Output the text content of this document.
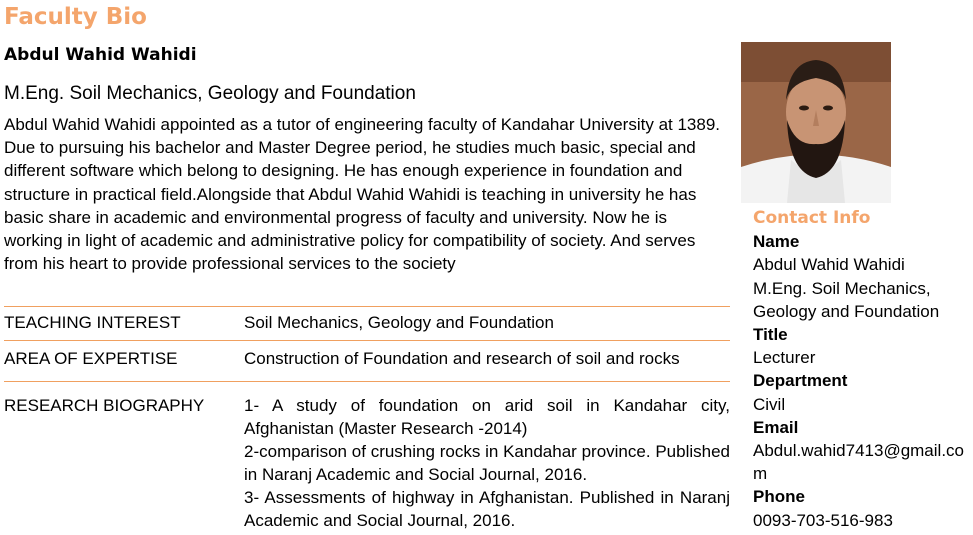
Faculty Bio
Abdul Wahid Wahidi
M.Eng. Soil Mechanics, Geology and Foundation
Abdul Wahid Wahidi appointed as a tutor of engineering faculty of Kandahar University at 1389. Due to pursuing his bachelor and Master Degree period, he studies much basic, special and different software which belong to designing. He has enough experience in foundation and structure in practical field.Alongside that Abdul Wahid Wahidi is teaching in university he has basic share in academic and environmental progress of faculty and university. Now he is working in light of academic and administrative policy for compatibility of society. And serves from his heart to provide professional services to the society
TEACHING INTEREST	Soil Mechanics, Geology and Foundation
AREA OF EXPERTISE	Construction of Foundation and research of soil and rocks
RESEARCH BIOGRAPHY	1- A study of foundation on arid soil in Kandahar city, Afghanistan (Master Research -2014)
2-comparison of crushing rocks in Kandahar province. Published in Naranj Academic and Social Journal, 2016.
3- Assessments of highway in Afghanistan. Published in Naranj Academic and Social Journal, 2016.
Contact Info
Name
Abdul Wahid Wahidi
M.Eng. Soil Mechanics, Geology and Foundation
Title
Lecturer
Department
Civil
Email
Abdul.wahid7413@gmail.com
Phone
0093-703-516-983
